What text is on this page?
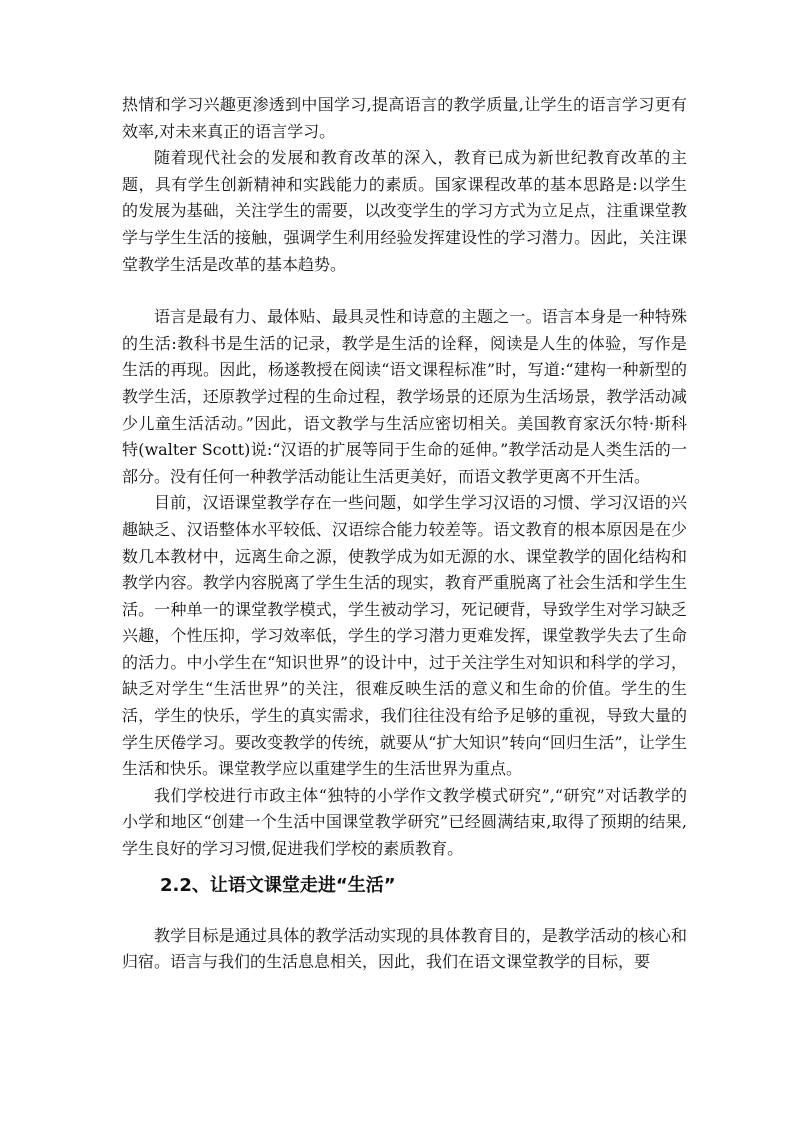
热情和学习兴趣更渗透到中国学习,提高语言的教学质量,让学生的语言学习更有效率,对未来真正的语言学习。

随着现代社会的发展和教育改革的深入，教育已成为新世纪教育改革的主题，具有学生创新精神和实践能力的素质。国家课程改革的基本思路是:以学生的发展为基础，关注学生的需要，以改变学生的学习方式为立足点，注重课堂教学与学生生活的接触，强调学生利用经验发挥建设性的学习潜力。因此，关注课堂教学生活是改革的基本趋势。

语言是最有力、最体贴、最具灵性和诗意的主题之一。语言本身是一种特殊的生活:教科书是生活的记录，教学是生活的诠释，阅读是人生的体验，写作是生活的再现。因此，杨遂教授在阅读“语文课程标准”时，写道:“建构一种新型的教学生活，还原教学过程的生命过程，教学场景的还原为生活场景，教学活动减少儿童生活活动。”因此，语文教学与生活应密切相关。美国教育家沃尔特·斯科特(walter Scott)说:“汉语的扩展等同于生命的延伸。”教学活动是人类生活的一部分。没有任何一种教学活动能让生活更美好，而语文教学更离不开生活。

目前，汉语课堂教学存在一些问题，如学生学习汉语的习惯、学习汉语的兴趣缺乏、汉语整体水平较低、汉语综合能力较差等。语文教育的根本原因是在少数几本教材中，远离生命之源，使教学成为如无源的水、课堂教学的固化结构和教学内容。教学内容脱离了学生生活的现实，教育严重脱离了社会生活和学生生活。一种单一的课堂教学模式，学生被动学习，死记硬背，导致学生对学习缺乏兴趣，个性压抑，学习效率低，学生的学习潜力更难发挥，课堂教学失去了生命的活力。中小学生在“知识世界”的设计中，过于关注学生对知识和科学的学习，缺乏对学生“生活世界”的关注，很难反映生活的意义和生命的价值。学生的生活，学生的快乐，学生的真实需求，我们往往没有给予足够的重视，导致大量的学生厌倦学习。要改变教学的传统，就要从“扩大知识”转向“回归生活”，让学生生活和快乐。课堂教学应以重建学生的生活世界为重点。

我们学校进行市政主体“独特的小学作文教学模式研究”,“研究”对话教学的小学和地区“创建一个生活中国课堂教学研究”已经圆满结束,取得了预期的结果,学生良好的学习习惯,促进我们学校的素质教育。

2.2、让语文课堂走进“生活”

教学目标是通过具体的教学活动实现的具体教育目的，是教学活动的核心和归宿。语言与我们的生活息息相关，因此，我们在语文课堂教学的目标，要
